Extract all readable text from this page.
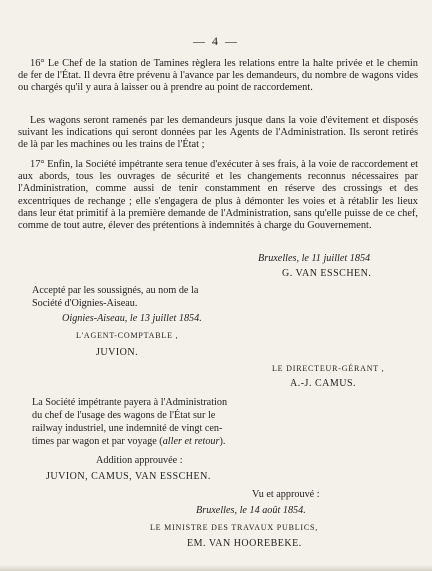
— 4 —

16° Le Chef de la station de Tamines règlera les relations entre la halte privée et le chemin de fer de l'État. Il devra être prévenu à l'avance par les demandeurs, du nombre de wagons vides ou chargés qu'il y aura à laisser ou à prendre au point de raccordement.

Les wagons seront ramenés par les demandeurs jusque dans la voie d'évitement et disposés suivant les indications qui seront données par les Agents de l'Administration. Ils seront retirés de là par les machines ou les trains de l'État ;

17° Enfin, la Société impétrante sera tenue d'exécuter à ses frais, à la voie de raccordement et aux abords, tous les ouvrages de sécurité et les changements reconnus nécessaires par l'Administration, comme aussi de tenir constamment en réserve des crossings et des excentriques de rechange ; elle s'engagera de plus à démonter les voies et à rétablir les lieux dans leur état primitif à la première demande de l'Administration, sans qu'elle puisse de ce chef, comme de tout autre, élever des prétentions à indemnités à charge du Gouvernement.

Bruxelles, le 11 juillet 1854
G. VAN ESSCHEN.
Accepté par les soussignés, au nom de la
Société d'Oignies-Aiseau.
Oignies-Aiseau, le 13 juillet 1854.
L'AGENT-COMPTABLE ,
JUVION.
LE DIRECTEUR-GÉRANT ,
A.-J. CAMUS.
La Société impétrante payera à l'Administration
du chef de l'usage des wagons de l'État sur le
railway industriel, une indemnité de vingt cen-
times par wagon et par voyage (aller et retour).
Addition approuvée :
JUVION, CAMUS, VAN ESSCHEN.
Vu et approuvé :
Bruxelles, le 14 août 1854.
LE MINISTRE DES TRAVAUX PUBLICS,
EM. VAN HOOREBEKE.
